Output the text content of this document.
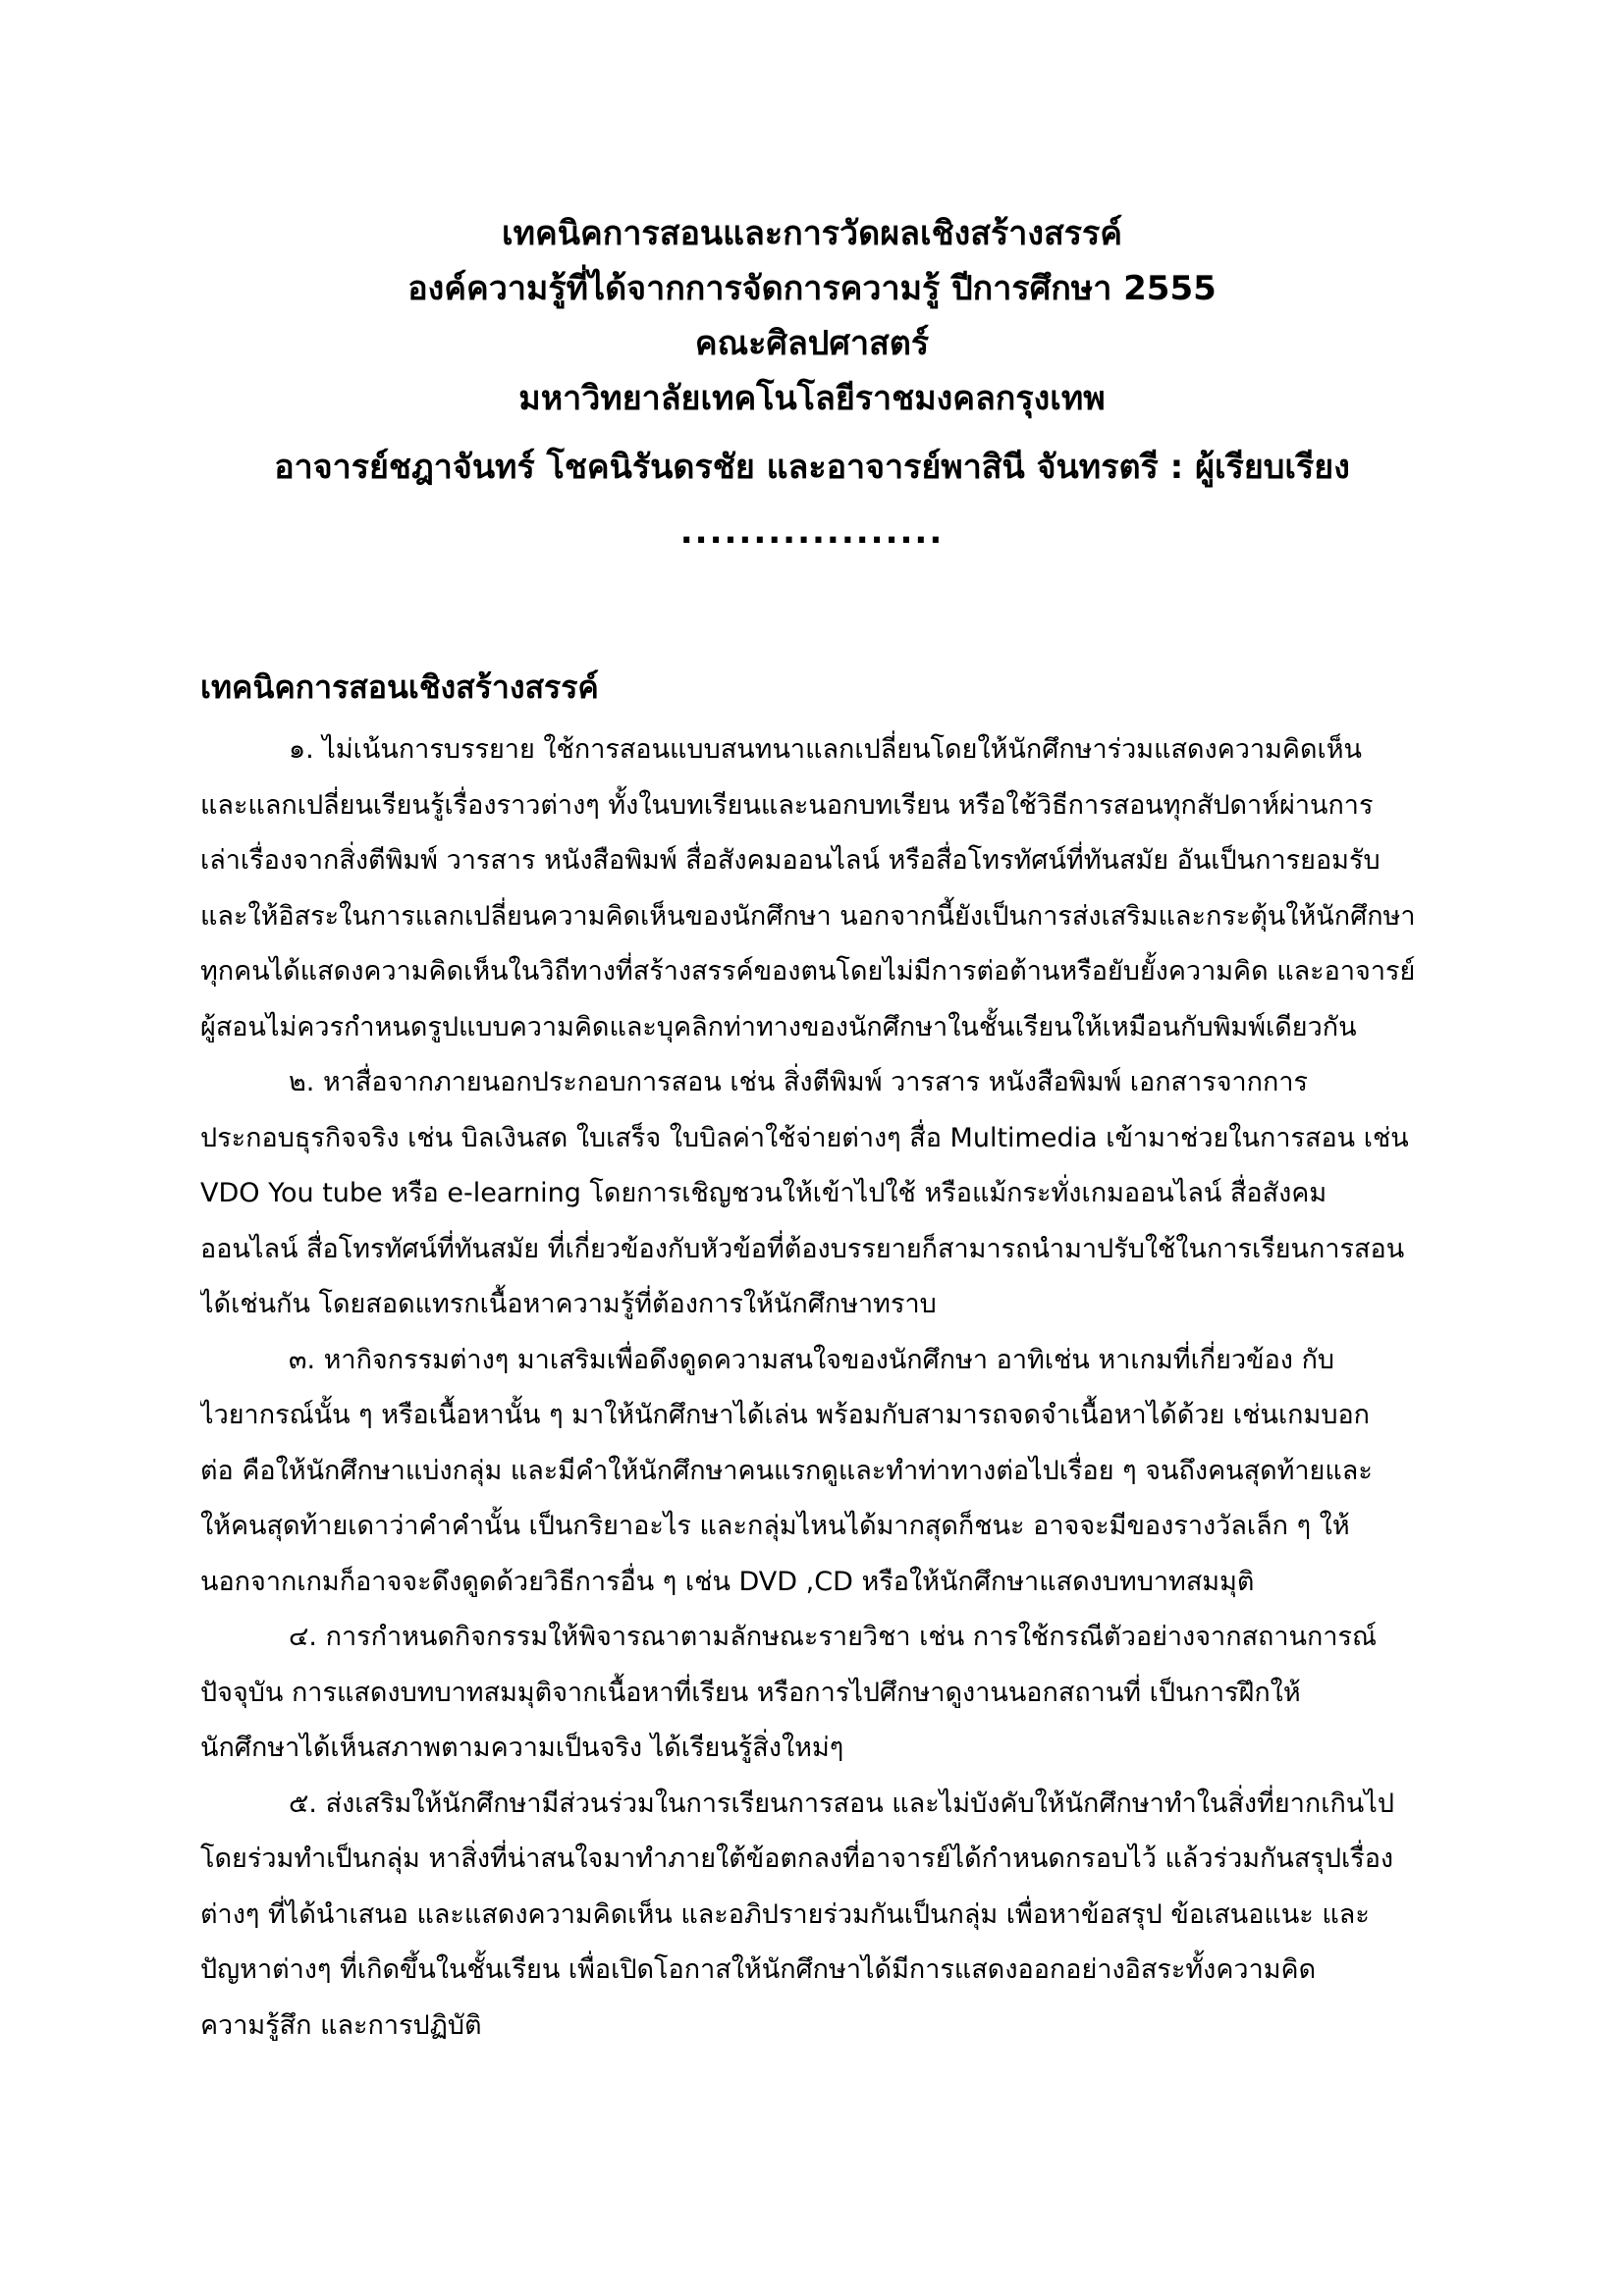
เทคนิคการสอนและการวัดผลเชิงสร้างสรรค์
องค์ความรู้ที่ได้จากการจัดการความรู้ ปีการศึกษา 2555
คณะศิลปศาสตร์
มหาวิทยาลัยเทคโนโลยีราชมงคลกรุงเทพ
อาจารย์ชฎาจันทร์ โชคนิรันดรชัย และอาจารย์พาสินี จันทรตรี : ผู้เรียบเรียง
..................
เทคนิคการสอนเชิงสร้างสรรค์
๑. ไม่เน้นการบรรยาย ใช้การสอนแบบสนทนาแลกเปลี่ยนโดยให้นักศึกษาร่วมแสดงความคิดเห็น
และแลกเปลี่ยนเรียนรู้เรื่องราวต่างๆ ทั้งในบทเรียนและนอกบทเรียน หรือใช้วิธีการสอนทุกสัปดาห์ผ่านการ
เล่าเรื่องจากสิ่งตีพิมพ์ วารสาร หนังสือพิมพ์ สื่อสังคมออนไลน์ หรือสื่อโทรทัศน์ที่ทันสมัย อันเป็นการยอมรับ
และให้อิสระในการแลกเปลี่ยนความคิดเห็นของนักศึกษา นอกจากนี้ยังเป็นการส่งเสริมและกระตุ้นให้นักศึกษา
ทุกคนได้แสดงความคิดเห็นในวิถีทางที่สร้างสรรค์ของตนโดยไม่มีการต่อต้านหรือยับยั้งความคิด และอาจารย์
ผู้สอนไม่ควรกำหนดรูปแบบความคิดและบุคลิกท่าทางของนักศึกษาในชั้นเรียนให้เหมือนกับพิมพ์เดียวกัน
๒. หาสื่อจากภายนอกประกอบการสอน เช่น สิ่งตีพิมพ์ วารสาร หนังสือพิมพ์ เอกสารจากการ
ประกอบธุรกิจจริง เช่น บิลเงินสด ใบเสร็จ ใบบิลค่าใช้จ่ายต่างๆ สื่อ Multimedia เข้ามาช่วยในการสอน เช่น
VDO You tube หรือ e-learning โดยการเชิญชวนให้เข้าไปใช้ หรือแม้กระทั่งเกมออนไลน์ สื่อสังคม
ออนไลน์ สื่อโทรทัศน์ที่ทันสมัย ที่เกี่ยวข้องกับหัวข้อที่ต้องบรรยายก็สามารถนำมาปรับใช้ในการเรียนการสอน
ได้เช่นกัน โดยสอดแทรกเนื้อหาความรู้ที่ต้องการให้นักศึกษาทราบ
๓. หากิจกรรมต่างๆ มาเสริมเพื่อดึงดูดความสนใจของนักศึกษา อาทิเช่น หาเกมที่เกี่ยวข้อง กับ
ไวยากรณ์นั้น ๆ หรือเนื้อหานั้น ๆ มาให้นักศึกษาได้เล่น พร้อมกับสามารถจดจำเนื้อหาได้ด้วย เช่นเกมบอก
ต่อ คือให้นักศึกษาแบ่งกลุ่ม และมีคำให้นักศึกษาคนแรกดูและทำท่าทางต่อไปเรื่อย ๆ จนถึงคนสุดท้ายและ
ให้คนสุดท้ายเดาว่าคำคำนั้น เป็นกริยาอะไร และกลุ่มไหนได้มากสุดก็ชนะ อาจจะมีของรางวัลเล็ก ๆ ให้
นอกจากเกมก็อาจจะดึงดูดด้วยวิธีการอื่น ๆ เช่น DVD ,CD หรือให้นักศึกษาแสดงบทบาทสมมุติ
๔. การกำหนดกิจกรรมให้พิจารณาตามลักษณะรายวิชา เช่น การใช้กรณีตัวอย่างจากสถานการณ์
ปัจจุบัน การแสดงบทบาทสมมุติจากเนื้อหาที่เรียน หรือการไปศึกษาดูงานนอกสถานที่ เป็นการฝึกให้
นักศึกษาได้เห็นสภาพตามความเป็นจริง ได้เรียนรู้สิ่งใหม่ๆ
๕. ส่งเสริมให้นักศึกษามีส่วนร่วมในการเรียนการสอน และไม่บังคับให้นักศึกษาทำในสิ่งที่ยากเกินไป
โดยร่วมทำเป็นกลุ่ม หาสิ่งที่น่าสนใจมาทำภายใต้ข้อตกลงที่อาจารย์ได้กำหนดกรอบไว้ แล้วร่วมกันสรุปเรื่อง
ต่างๆ ที่ได้นำเสนอ และแสดงความคิดเห็น และอภิปรายร่วมกันเป็นกลุ่ม เพื่อหาข้อสรุป ข้อเสนอแนะ และ
ปัญหาต่างๆ ที่เกิดขึ้นในชั้นเรียน เพื่อเปิดโอกาสให้นักศึกษาได้มีการแสดงออกอย่างอิสระทั้งความคิด
ความรู้สึก และการปฏิบัติ
